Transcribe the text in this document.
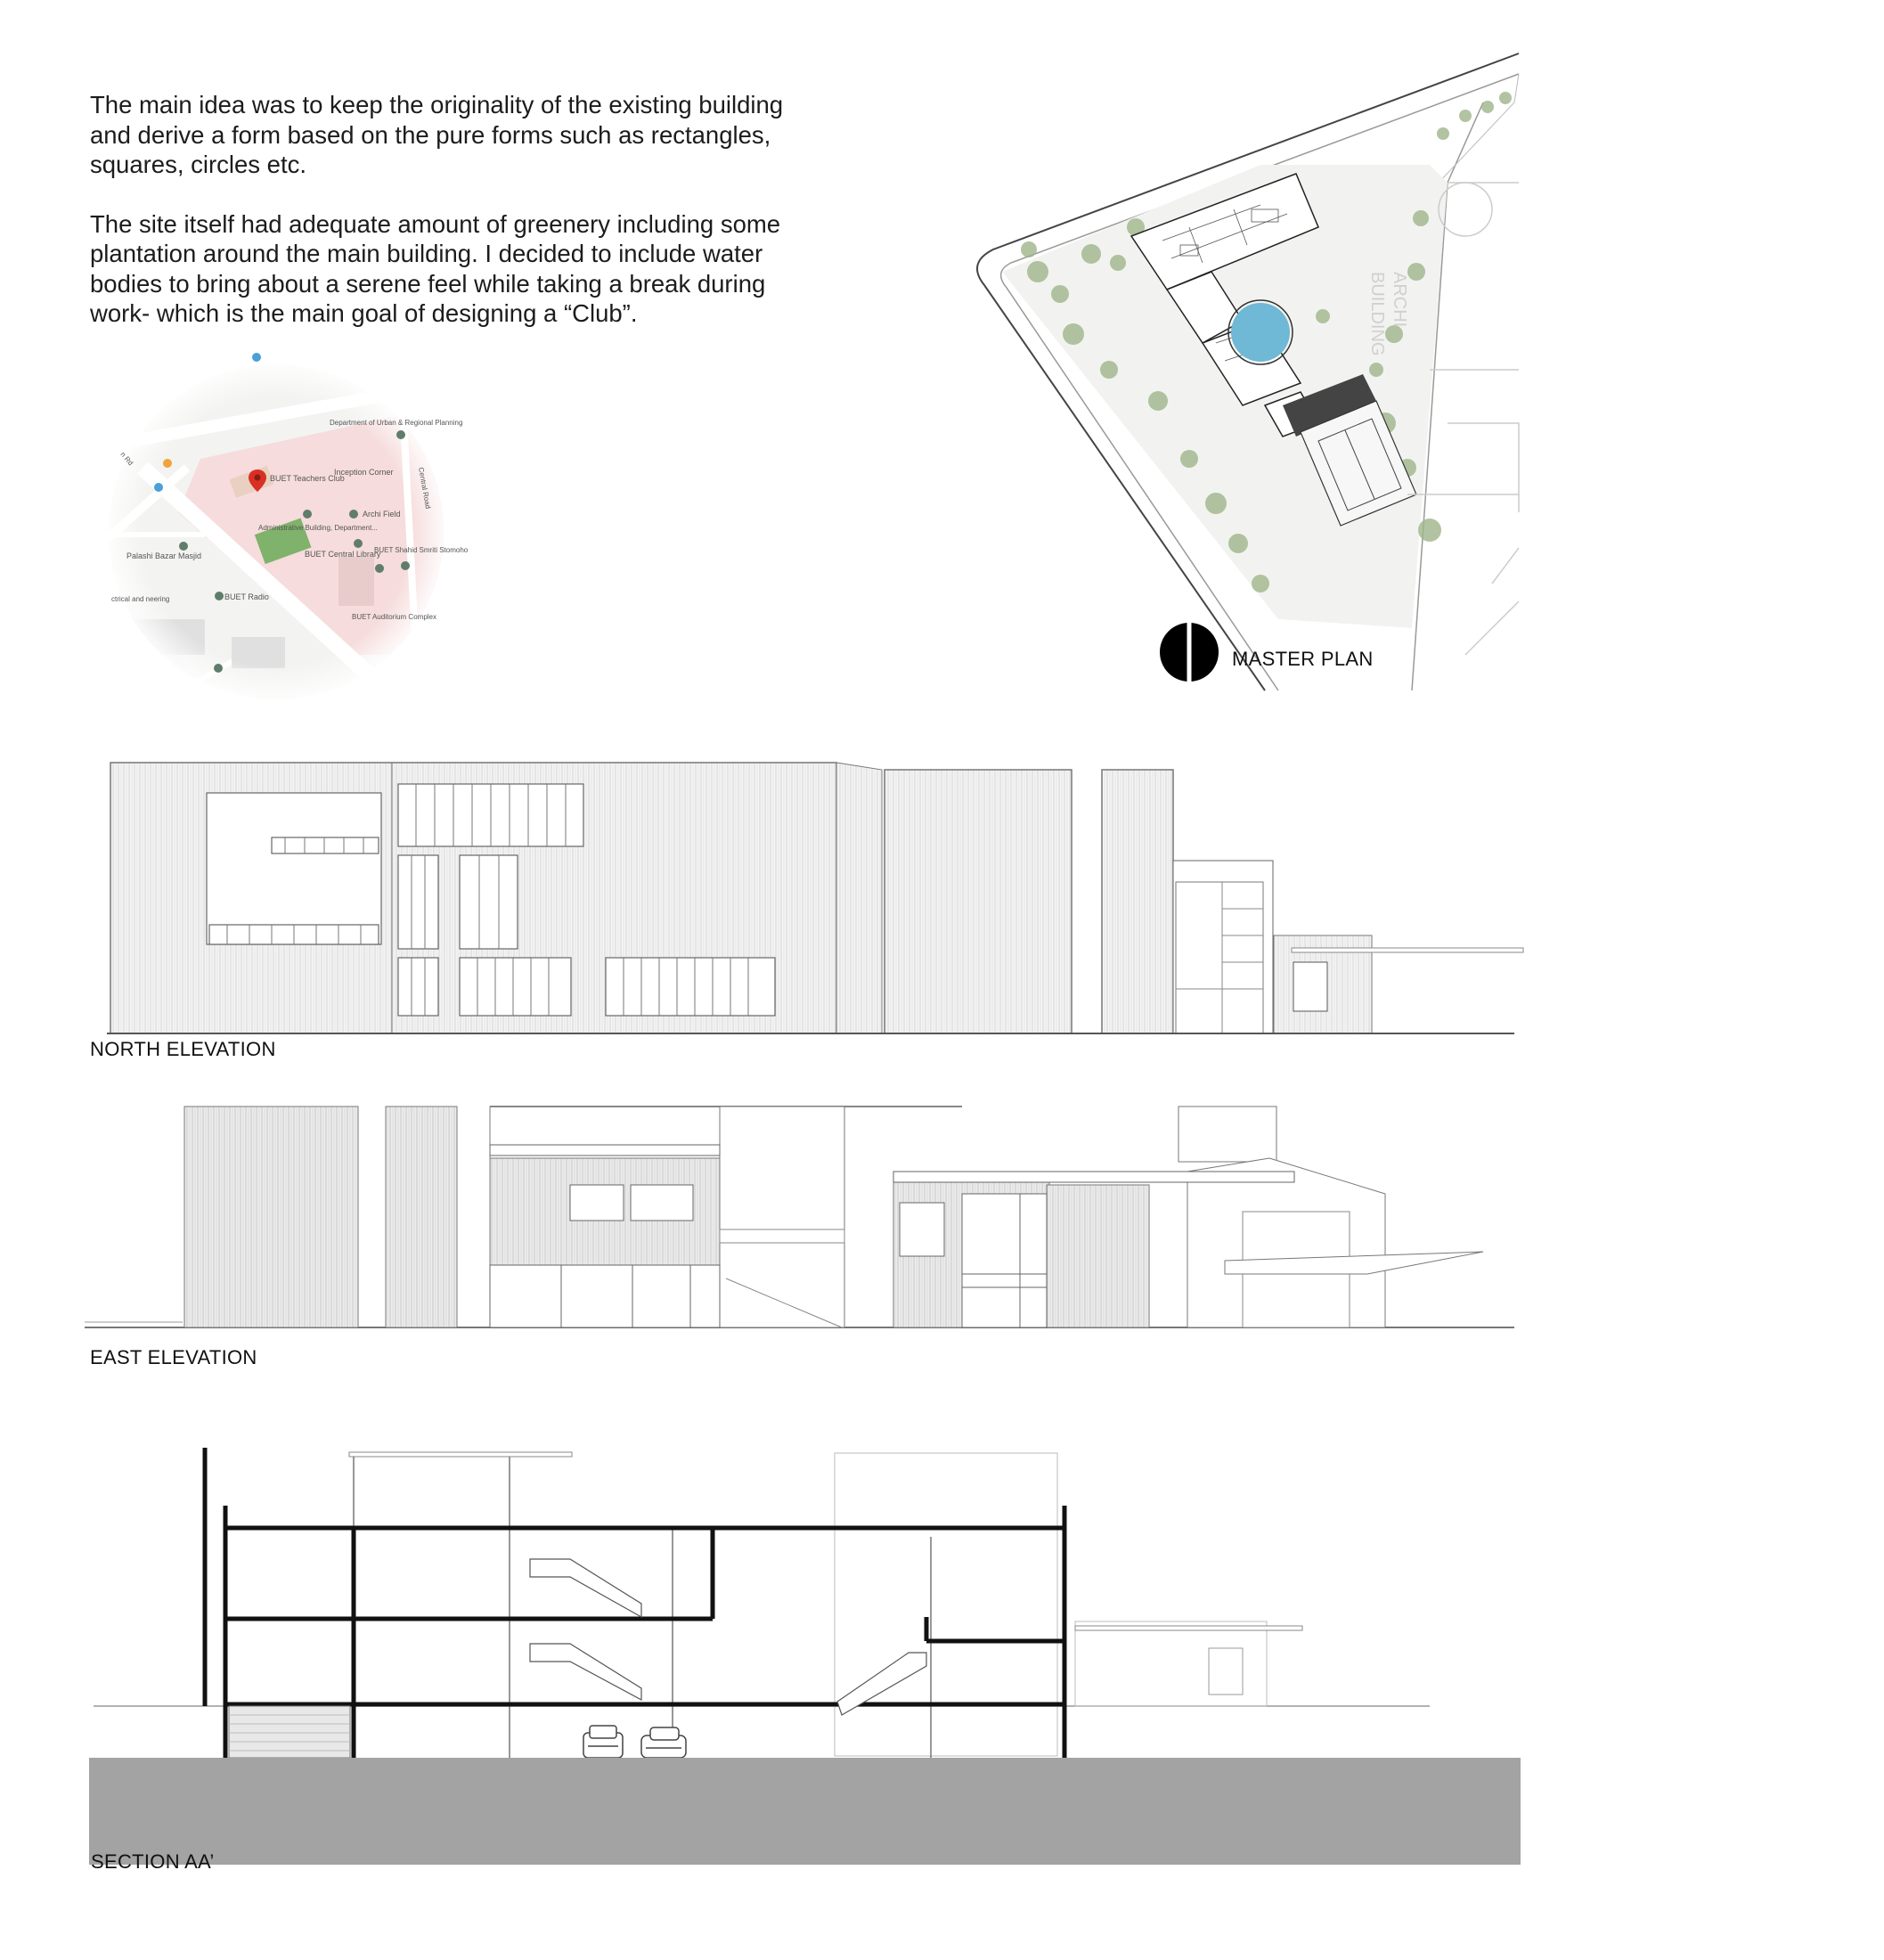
The main idea was to keep the originality of the existing building and derive a form based on the pure forms such as rectangles, squares, circles etc.

The site itself had adequate amount of greenery including some plantation around the main building. I decided to include water bodies to bring about a serene feel while taking a break during work- which is the main goal of designing a “Club”.

BUET Teachers Club
Inception Corner
Archi Field
Administrative Building, Department...
BUET Central Library
BUET Shahid Smriti Stomoho
Palashi Bazar Masjid
BUET Radio
BUET Auditorium Complex
Department of Urban & Regional Planning
Central Road
ctrical and neering
n Rd
ARCHI
BUILDING
MASTER PLAN
NORTH ELEVATION
EAST ELEVATION
SECTION AA’
